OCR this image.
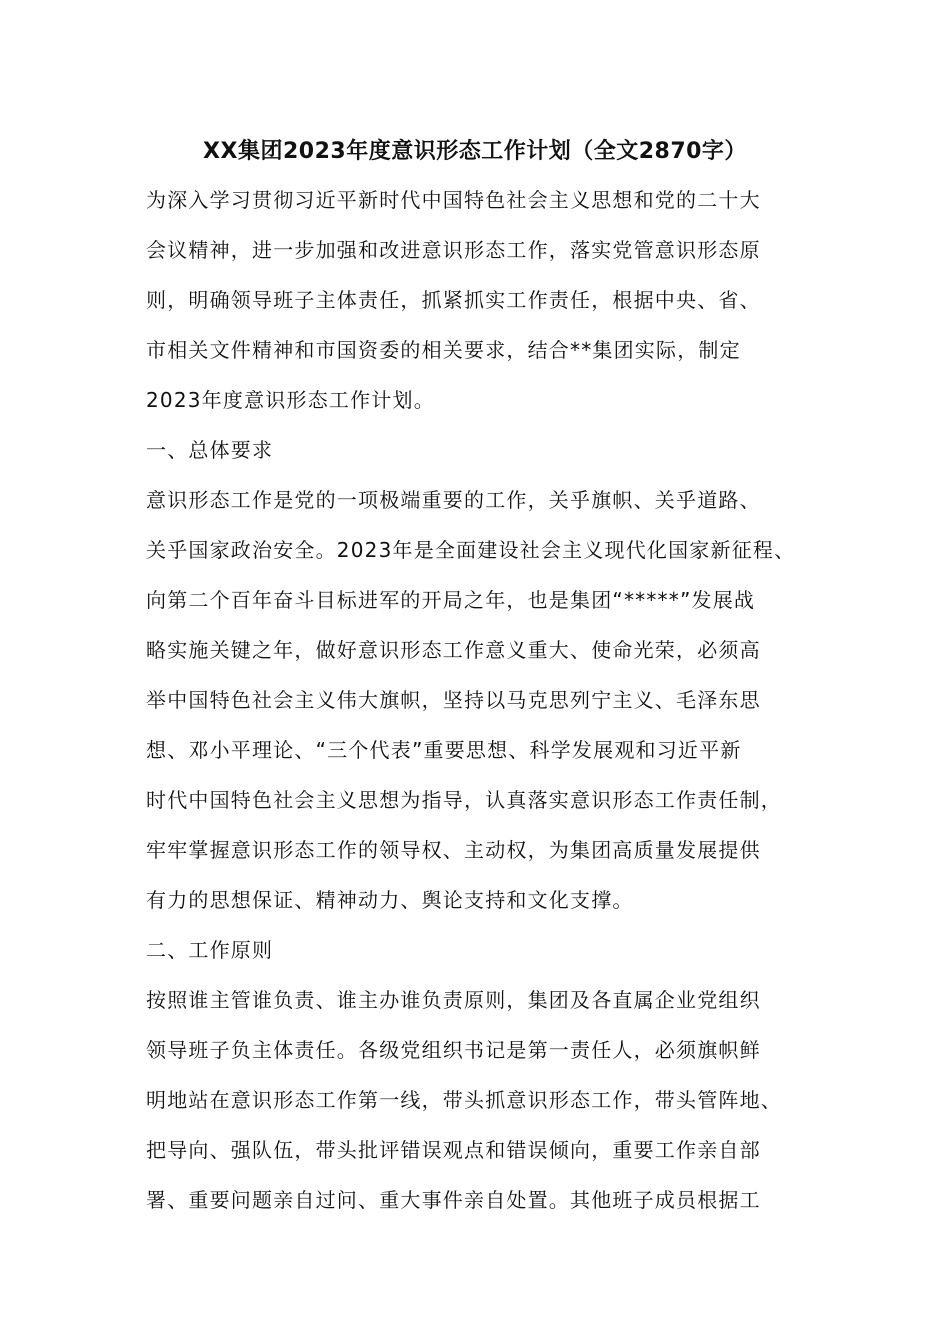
XX集团2023年度意识形态工作计划（全文2870字）
为深入学习贯彻习近平新时代中国特色社会主义思想和党的二十大
会议精神，进一步加强和改进意识形态工作，落实党管意识形态原
则，明确领导班子主体责任，抓紧抓实工作责任，根据中央、省、
市相关文件精神和市国资委的相关要求，结合**集团实际，制定
2023年度意识形态工作计划。
一、总体要求
意识形态工作是党的一项极端重要的工作，关乎旗帜、关乎道路、
关乎国家政治安全。2023年是全面建设社会主义现代化国家新征程、
向第二个百年奋斗目标进军的开局之年，也是集团“*****”发展战
略实施关键之年，做好意识形态工作意义重大、使命光荣，必须高
举中国特色社会主义伟大旗帜，坚持以马克思列宁主义、毛泽东思
想、邓小平理论、“三个代表”重要思想、科学发展观和习近平新
时代中国特色社会主义思想为指导，认真落实意识形态工作责任制，
牢牢掌握意识形态工作的领导权、主动权，为集团高质量发展提供
有力的思想保证、精神动力、舆论支持和文化支撑。
二、工作原则
按照谁主管谁负责、谁主办谁负责原则，集团及各直属企业党组织
领导班子负主体责任。各级党组织书记是第一责任人，必须旗帜鲜
明地站在意识形态工作第一线，带头抓意识形态工作，带头管阵地、
把导向、强队伍，带头批评错误观点和错误倾向，重要工作亲自部
署、重要问题亲自过问、重大事件亲自处置。其他班子成员根据工
